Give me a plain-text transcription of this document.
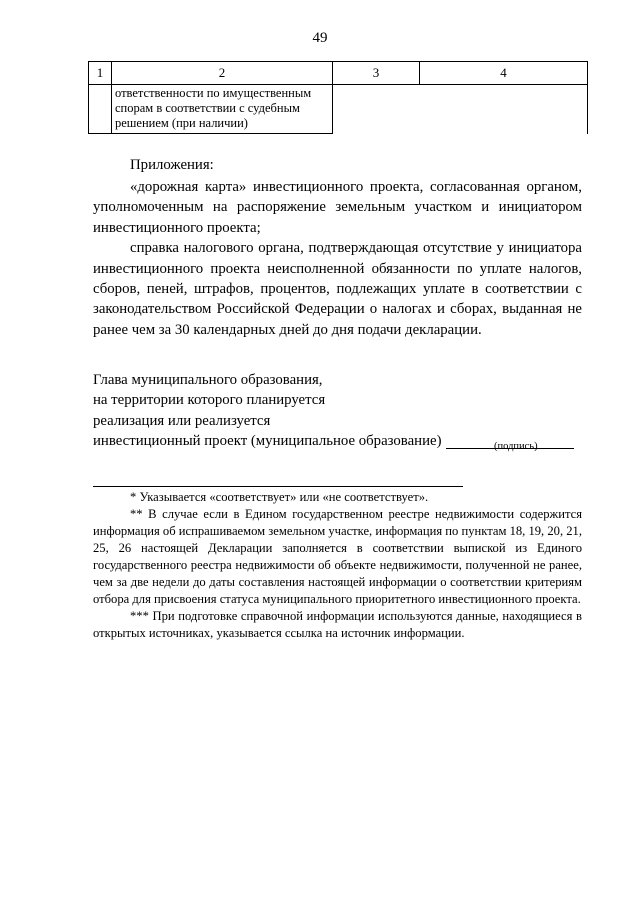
49
1	2	3	4
	ответственности по имущественным спорам в соответствии с судебным решением (при наличии)		
Приложения:

«дорожная карта» инвестиционного проекта, согласованная органом, уполномоченным на распоряжение земельным участком и инициатором инвестиционного проекта;

справка налогового органа, подтверждающая отсутствие у инициатора инвестиционного проекта неисполненной обязанности по уплате налогов, сборов, пеней, штрафов, процентов, подлежащих уплате в соответствии с законодательством Российской Федерации о налогах и сборах, выданная не ранее чем за 30 календарных дней до дня подачи декларации.

Глава муниципального образования,
на территории которого планируется
реализация или реализуется
инвестиционный проект (муниципальное образование)	(подпись)

* Указывается «соответствует» или «не соответствует».

** В случае если в Едином государственном реестре недвижимости содержится информация об испрашиваемом земельном участке, информация по пунктам 18, 19, 20, 21, 25, 26 настоящей Декларации заполняется в соответствии выпиской из Единого государственного реестра недвижимости об объекте недвижимости, полученной не ранее, чем за две недели до даты составления настоящей информации о соответствии критериям отбора для присвоения статуса муниципального приоритетного инвестиционного проекта.

*** При подготовке справочной информации используются данные, находящиеся в открытых источниках, указывается ссылка на источник информации.
